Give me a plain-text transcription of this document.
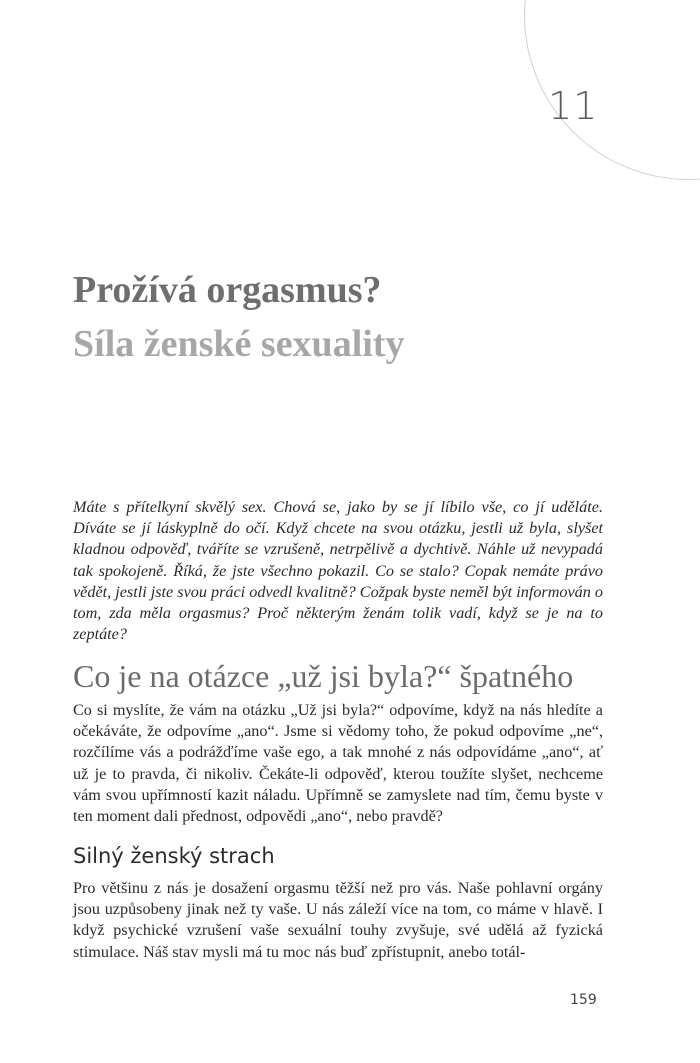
11
Prožívá orgasmus?
Síla ženské sexuality

Máte s přítelkyní skvělý sex. Chová se, jako by se jí líbilo vše, co jí uděláte. Díváte se jí láskyplně do očí. Když chcete na svou otázku, jestli už byla, slyšet kladnou odpověď, tváříte se vzrušeně, netrpělivě a dychtivě. Náhle už nevypadá tak spokojeně. Říká, že jste všechno pokazil. Co se stalo? Copak nemáte právo vědět, jestli jste svou práci odvedl kvalitně? Cožpak byste neměl být informován o tom, zda měla orgasmus? Proč některým ženám tolik vadí, když se je na to zeptáte?

Co je na otázce „už jsi byla?“ špatného

Co si myslíte, že vám na otázku „Už jsi byla?“ odpovíme, když na nás hledíte a očekáváte, že odpovíme „ano“. Jsme si vědomy toho, že pokud odpovíme „ne“, rozčílíme vás a podrážďíme vaše ego, a tak mnohé z nás odpovídáme „ano“, ať už je to pravda, či nikoliv. Čekáte-li odpověď, kterou toužíte slyšet, nechceme vám svou upřímností kazit náladu. Upřímně se zamyslete nad tím, čemu byste v ten moment dali přednost, odpovědi „ano“, nebo pravdě?

Silný ženský strach

Pro většinu z nás je dosažení orgasmu těžší než pro vás. Naše pohlavní orgány jsou uzpůsobeny jinak než ty vaše. U nás záleží více na tom, co máme v hlavě. I když psychické vzrušení vaše sexuální touhy zvyšuje, své udělá až fyzická stimulace. Náš stav mysli má tu moc nás buď zpřístupnit, anebo totál-

159
